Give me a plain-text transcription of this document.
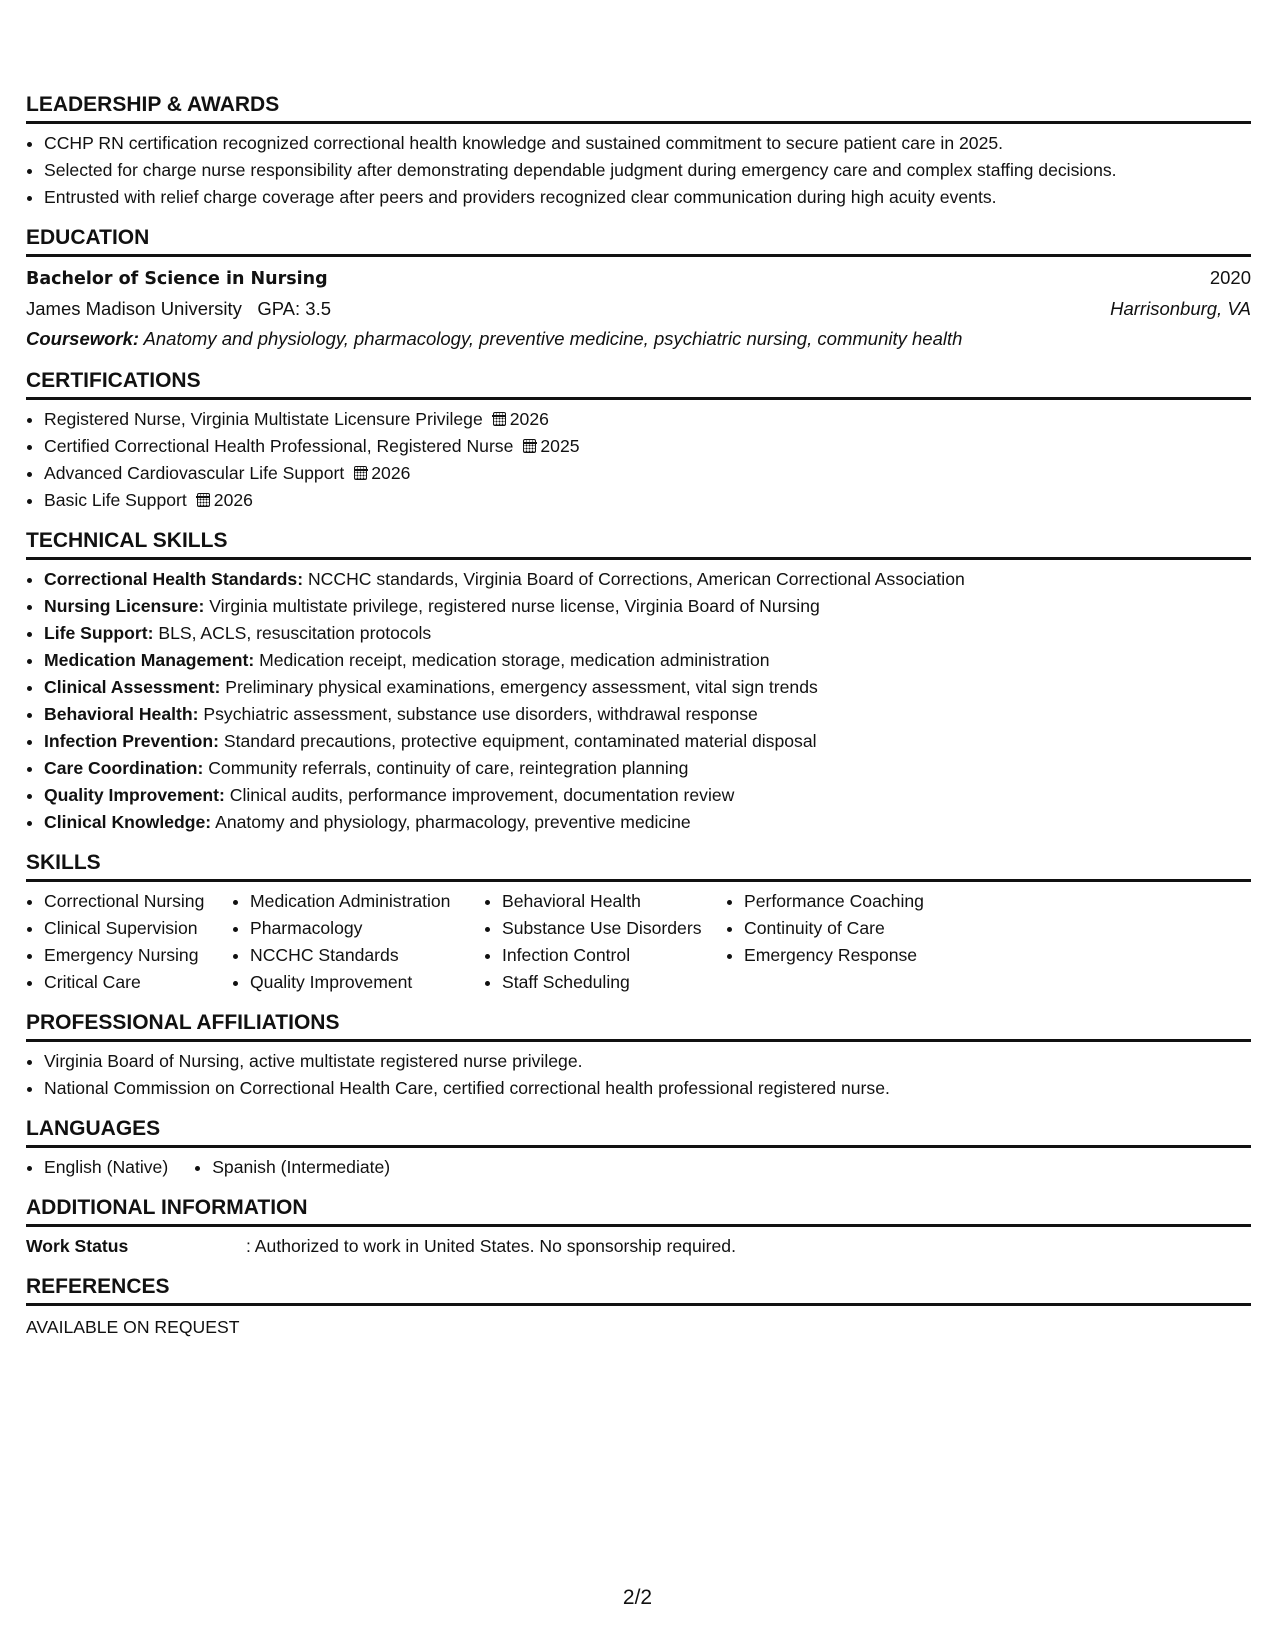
LEADERSHIP & AWARDS
• CCHP RN certification recognized correctional health knowledge and sustained commitment to secure patient care in 2025.
• Selected for charge nurse responsibility after demonstrating dependable judgment during emergency care and complex staffing decisions.
• Entrusted with relief charge coverage after peers and providers recognized clear communication during high acuity events.
EDUCATION
Bachelor of Science in Nursing	2020
James Madison University GPA: 3.5	Harrisonburg, VA
Coursework: Anatomy and physiology, pharmacology, preventive medicine, psychiatric nursing, community health
CERTIFICATIONS
• Registered Nurse, Virginia Multistate Licensure Privilege 2026
• Certified Correctional Health Professional, Registered Nurse 2025
• Advanced Cardiovascular Life Support 2026
• Basic Life Support 2026
TECHNICAL SKILLS
• Correctional Health Standards: NCCHC standards, Virginia Board of Corrections, American Correctional Association
• Nursing Licensure: Virginia multistate privilege, registered nurse license, Virginia Board of Nursing
• Life Support: BLS, ACLS, resuscitation protocols
• Medication Management: Medication receipt, medication storage, medication administration
• Clinical Assessment: Preliminary physical examinations, emergency assessment, vital sign trends
• Behavioral Health: Psychiatric assessment, substance use disorders, withdrawal response
• Infection Prevention: Standard precautions, protective equipment, contaminated material disposal
• Care Coordination: Community referrals, continuity of care, reintegration planning
• Quality Improvement: Clinical audits, performance improvement, documentation review
• Clinical Knowledge: Anatomy and physiology, pharmacology, preventive medicine
SKILLS
• Correctional Nursing
• Clinical Supervision
• Emergency Nursing
• Critical Care
• Medication Administration
• Pharmacology
• NCCHC Standards
• Quality Improvement
• Behavioral Health
• Substance Use Disorders
• Infection Control
• Staff Scheduling
• Performance Coaching
• Continuity of Care
• Emergency Response
PROFESSIONAL AFFILIATIONS
• Virginia Board of Nursing, active multistate registered nurse privilege.
• National Commission on Correctional Health Care, certified correctional health professional registered nurse.
LANGUAGES
• English (Native)
•	Spanish (Intermediate)
ADDITIONAL INFORMATION
Work Status	: Authorized to work in United States. No sponsorship required.
REFERENCES
AVAILABLE ON REQUEST
2/2
